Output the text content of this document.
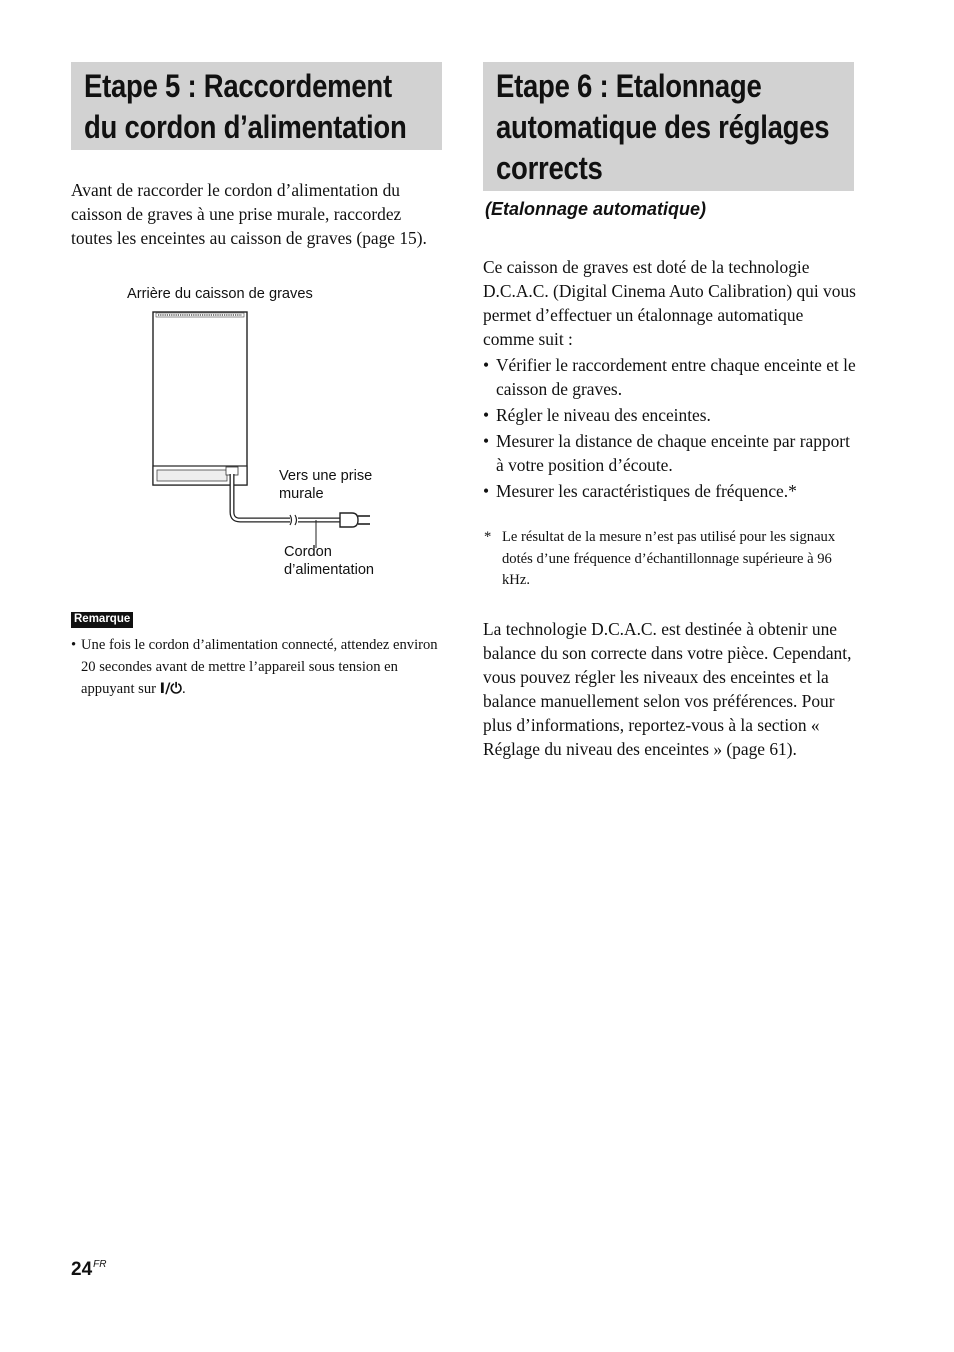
Etape 5 : Raccordement
du cordon d’alimentation

Avant de raccorder le cordon d’alimentation du caisson de graves à une prise murale, raccordez toutes les enceintes au caisson de graves (page 15).

Arrière du caisson de graves
Vers une prise
murale
Cordon
d’alimentation
Remarque
• Une fois le cordon d’alimentation connecté, attendez environ 20 secondes avant de mettre l’appareil sous tension en appuyant sur I/⏻.
Etape 6 : Etalonnage
automatique des réglages
corrects

(Etalonnage automatique)

Ce caisson de graves est doté de la technologie D.C.A.C. (Digital Cinema Auto Calibration) qui vous permet d’effectuer un étalonnage automatique comme suit :

• Vérifier le raccordement entre chaque enceinte et le caisson de graves.
• Régler le niveau des enceintes.
• Mesurer la distance de chaque enceinte par rapport à votre position d’écoute.
• Mesurer les caractéristiques de fréquence.*
* Le résultat de la mesure n’est pas utilisé pour les signaux dotés d’une fréquence d’échantillonnage supérieure à 96 kHz.

La technologie D.C.A.C. est destinée à obtenir une balance du son correcte dans votre pièce. Cependant, vous pouvez régler les niveaux des enceintes et la balance manuellement selon vos préférences. Pour plus d’informations, reportez-vous à la section « Réglage du niveau des enceintes » (page 61).

$24^{FR}$
